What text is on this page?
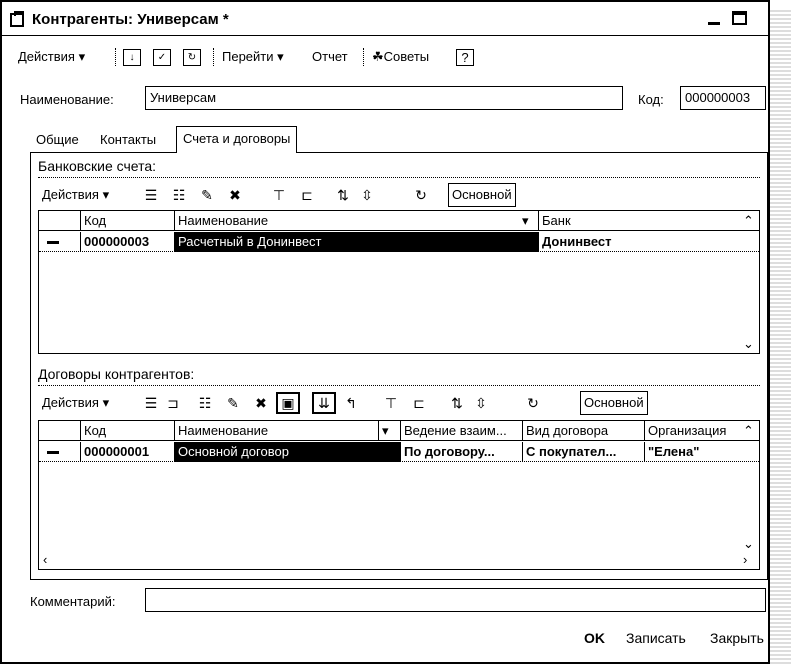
Контрагенты: Универсам *
Действия ▾	↓	✓	↻	Перейти ▾ Отчет ☘Советы	?
Наименование:	Универсам	Код:	000000003
Общие Контакты	Счета и договоры
Банковские счета:
Действия ▾	☰ ☷ ✎ ✖ ⊤ ⊏ ⇅ ⇳	↻	Основной
Код	Наименование	▾	Банк
000000003	Расчетный в Донинвест	Донинвест
⌃
⌄
Договоры контрагентов:
Действия ▾	☰ ⊐ ☷ ✎ ✖	▣	⇊	↰ ⊤ ⊏ ⇅ ⇳	↻	Основной
Код	Наименование	▾	Ведение взаим...	Вид договора	Организация
000000001	Основной договор	По договору...	С покупател...	"Елена"
⌃
⌄
‹	›
Комментарий:
OK Записать Закрыть
